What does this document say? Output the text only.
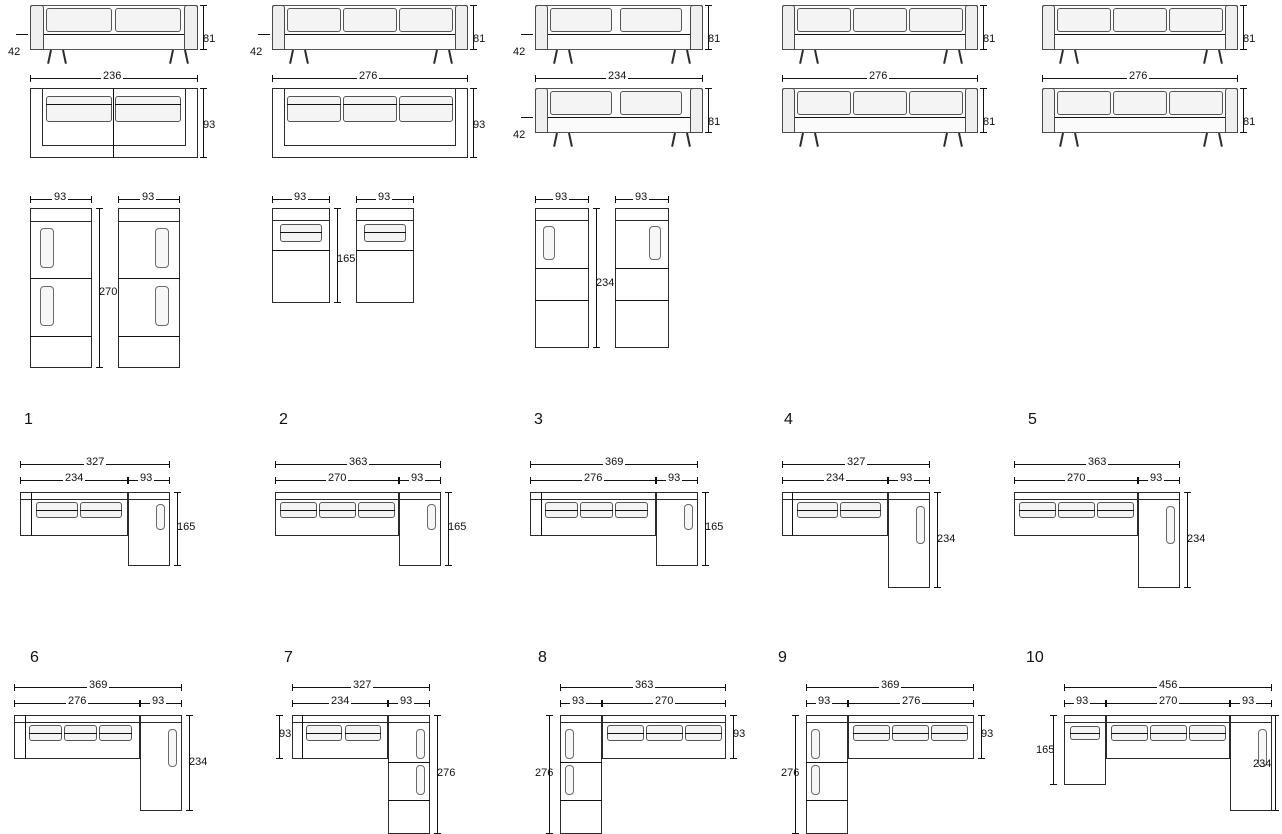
81
42
236
93
81
42
276
93
81
42
234
81
42
81
276
81
81
276
81
93	93
270
93	93
165
93	93
234
1
327
234	93
165
2
363
270	93
165
3
369
276	93
165
4
327
234	93
234
5
363
270	93
234
6
369
276	93
234
7
327
234	93
93
276
8
363
93	270
93
276
9
369
93	276
93
276
10
456
93	270	93
165
234
